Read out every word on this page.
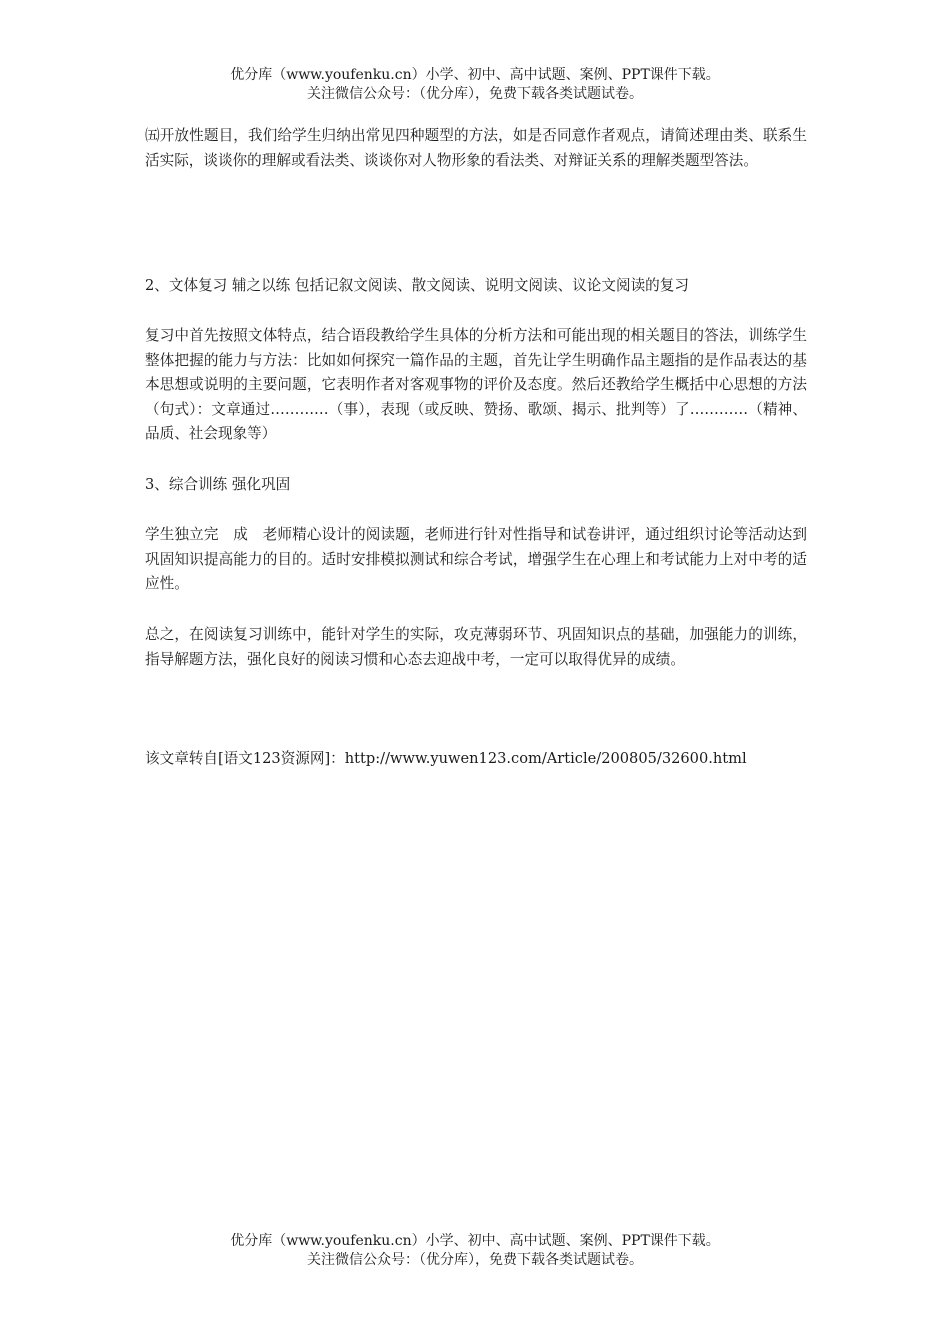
优分库（www.youfenku.cn）小学、初中、高中试题、案例、PPT课件下载。
关注微信公众号：（优分库），免费下载各类试题试卷。

㈤开放性题目，我们给学生归纳出常见四种题型的方法，如是否同意作者观点，请简述理由类、联系生活实际，谈谈你的理解或看法类、谈谈你对人物形象的看法类、对辩证关系的理解类题型答法。

2、文体复习 辅之以练 包括记叙文阅读、散文阅读、说明文阅读、议论文阅读的复习

复习中首先按照文体特点，结合语段教给学生具体的分析方法和可能出现的相关题目的答法，训练学生整体把握的能力与方法：比如如何探究一篇作品的主题，首先让学生明确作品主题指的是作品表达的基本思想或说明的主要问题，它表明作者对客观事物的评价及态度。然后还教给学生概括中心思想的方法（句式）：文章通过…………（事），表现（或反映、赞扬、歌颂、揭示、批判等）了…………（精神、品质、社会现象等）

3、综合训练 强化巩固

学生独立完　成　老师精心设计的阅读题，老师进行针对性指导和试卷讲评，通过组织讨论等活动达到巩固知识提高能力的目的。适时安排模拟测试和综合考试，增强学生在心理上和考试能力上对中考的适应性。

总之，在阅读复习训练中，能针对学生的实际，攻克薄弱环节、巩固知识点的基础，加强能力的训练，指导解题方法，强化良好的阅读习惯和心态去迎战中考，一定可以取得优异的成绩。

该文章转自[语文123资源网]：http://www.yuwen123.com/Article/200805/32600.html

优分库（www.youfenku.cn）小学、初中、高中试题、案例、PPT课件下载。
关注微信公众号：（优分库），免费下载各类试题试卷。
